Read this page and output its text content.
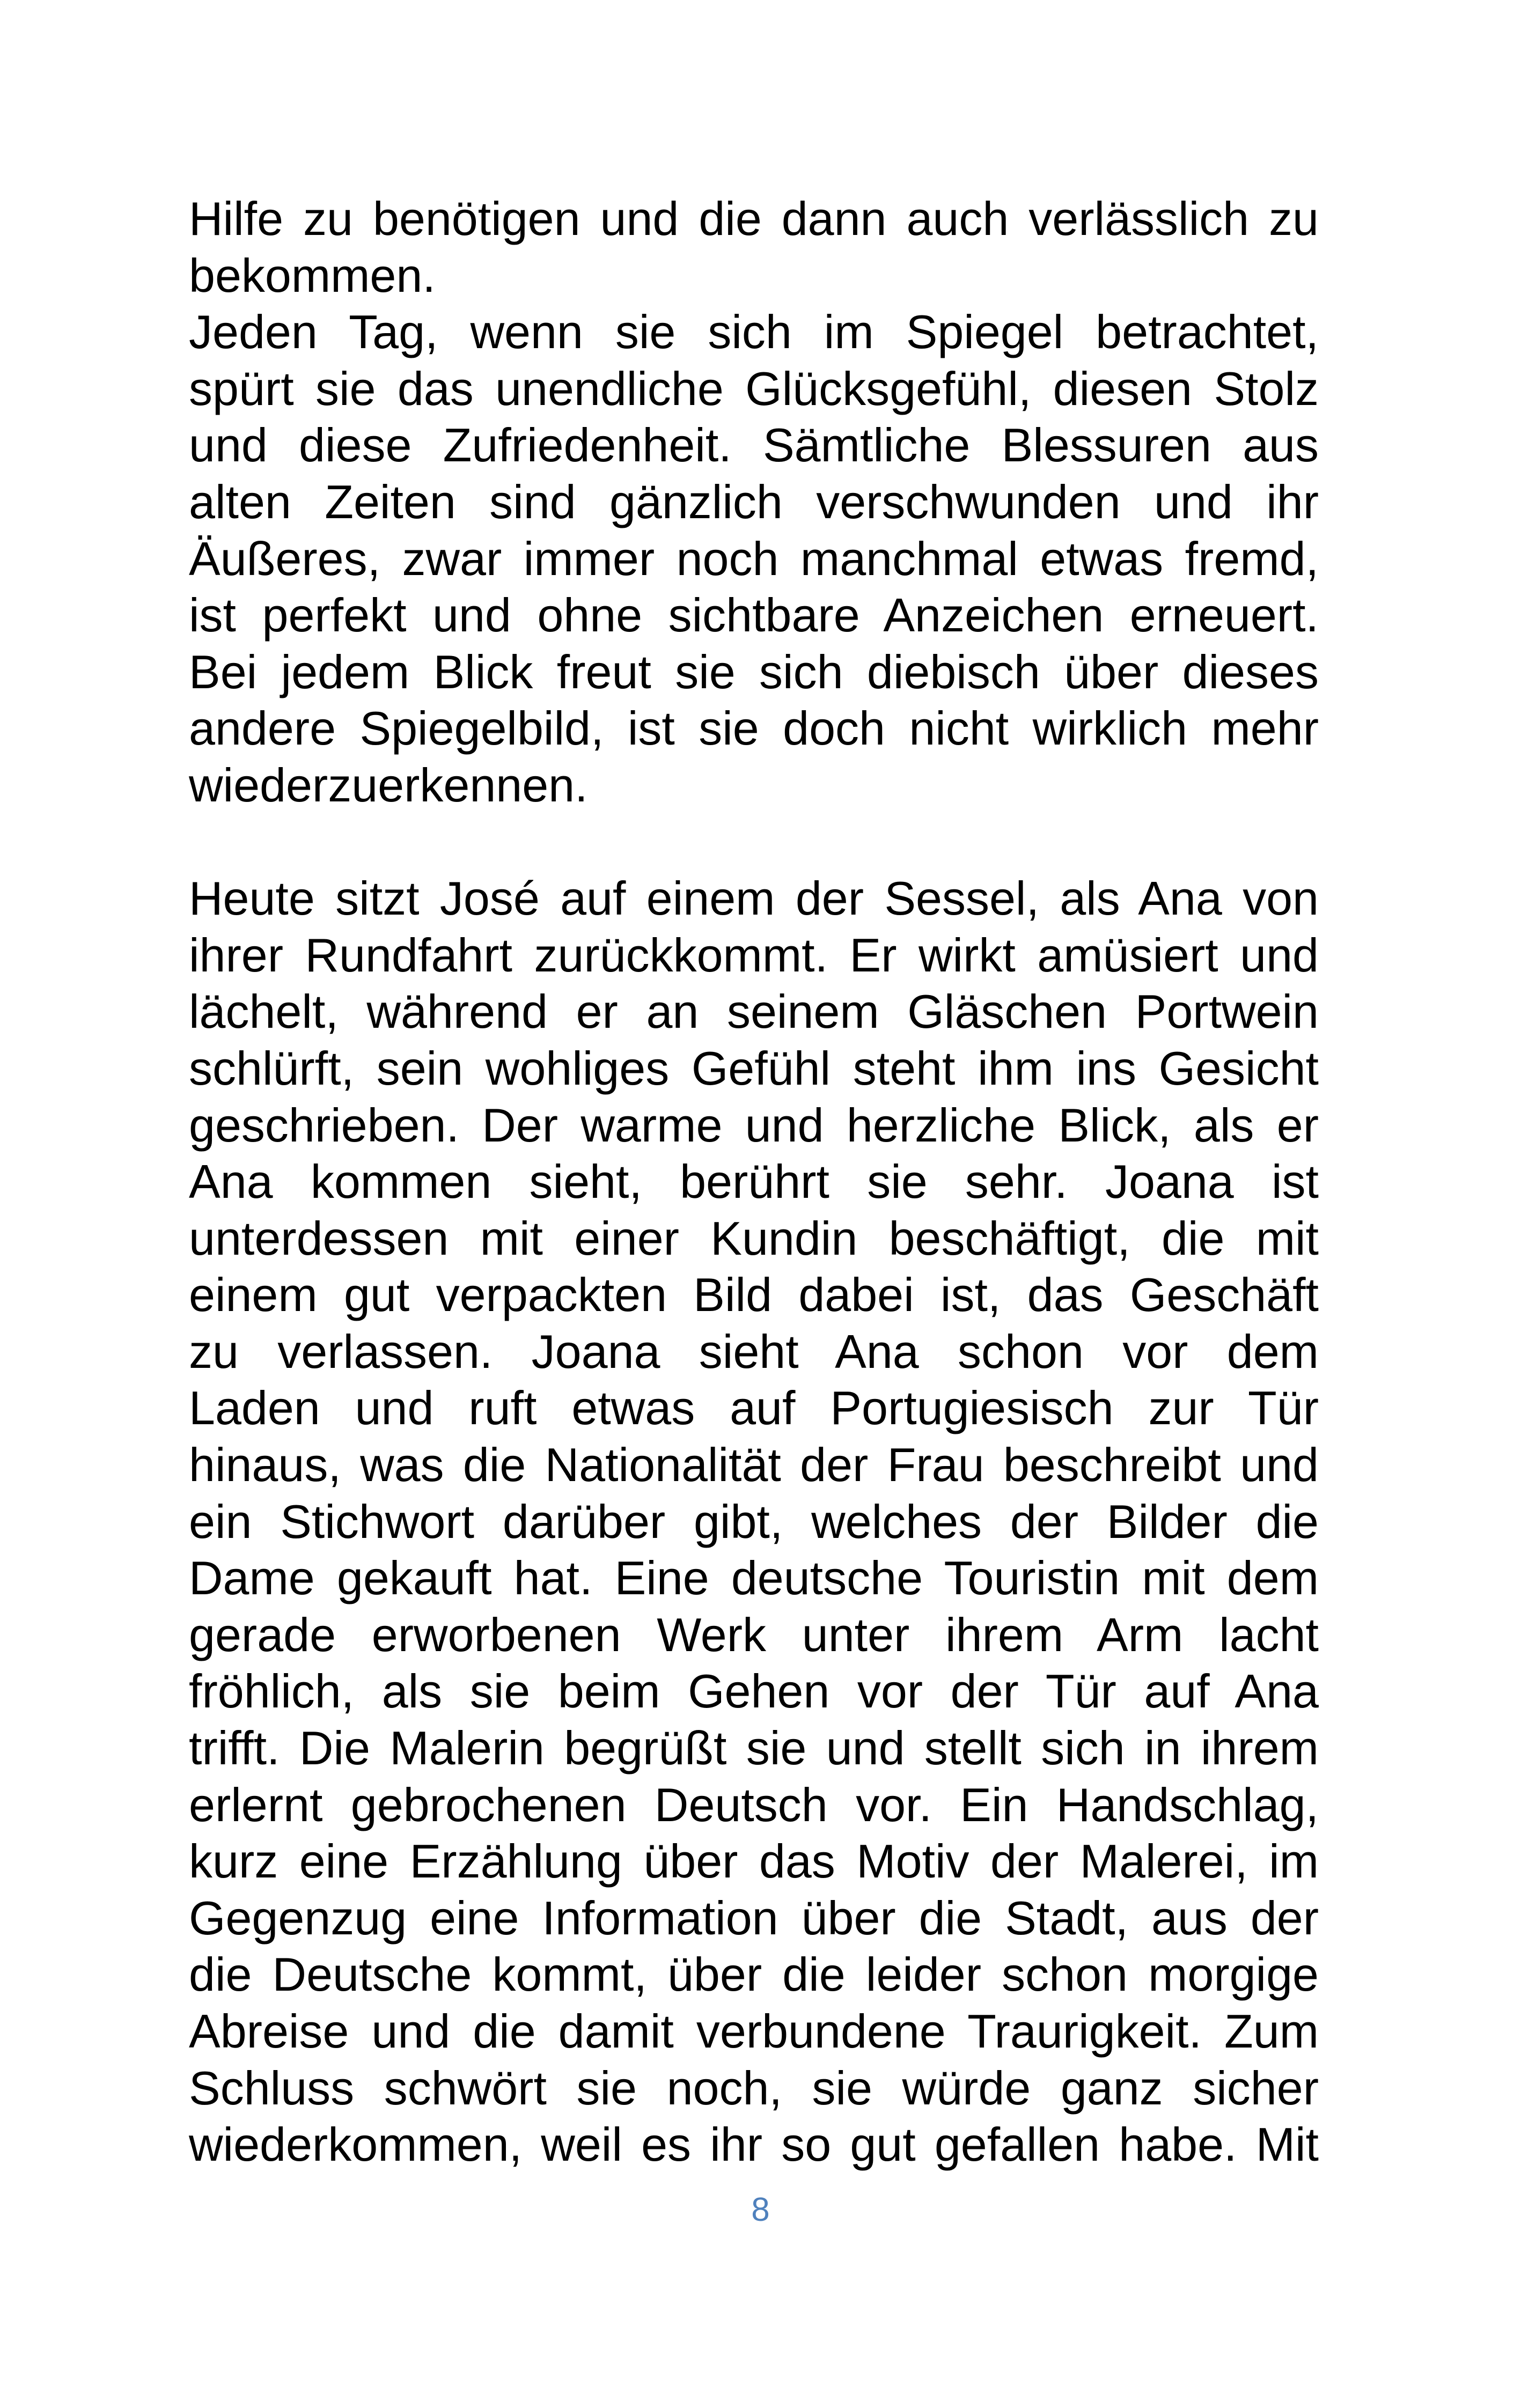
Hilfe zu benötigen und die dann auch verlässlich zu
bekommen.
Jeden Tag, wenn sie sich im Spiegel betrachtet,
spürt sie das unendliche Glücksgefühl, diesen Stolz
und diese Zufriedenheit. Sämtliche Blessuren aus
alten Zeiten sind gänzlich verschwunden und ihr
Äußeres, zwar immer noch manchmal etwas fremd,
ist perfekt und ohne sichtbare Anzeichen erneuert.
Bei jedem Blick freut sie sich diebisch über dieses
andere Spiegelbild, ist sie doch nicht wirklich mehr
wiederzuerkennen.
Heute sitzt José auf einem der Sessel, als Ana von
ihrer Rundfahrt zurückkommt. Er wirkt amüsiert und
lächelt, während er an seinem Gläschen Portwein
schlürft, sein wohliges Gefühl steht ihm ins Gesicht
geschrieben. Der warme und herzliche Blick, als er
Ana kommen sieht, berührt sie sehr. Joana ist
unterdessen mit einer Kundin beschäftigt, die mit
einem gut verpackten Bild dabei ist, das Geschäft
zu verlassen. Joana sieht Ana schon vor dem
Laden und ruft etwas auf Portugiesisch zur Tür
hinaus, was die Nationalität der Frau beschreibt und
ein Stichwort darüber gibt, welches der Bilder die
Dame gekauft hat. Eine deutsche Touristin mit dem
gerade erworbenen Werk unter ihrem Arm lacht
fröhlich, als sie beim Gehen vor der Tür auf Ana
trifft. Die Malerin begrüßt sie und stellt sich in ihrem
erlernt gebrochenen Deutsch vor. Ein Handschlag,
kurz eine Erzählung über das Motiv der Malerei, im
Gegenzug eine Information über die Stadt, aus der
die Deutsche kommt, über die leider schon morgige
Abreise und die damit verbundene Traurigkeit. Zum
Schluss schwört sie noch, sie würde ganz sicher
wiederkommen, weil es ihr so gut gefallen habe. Mit
8
